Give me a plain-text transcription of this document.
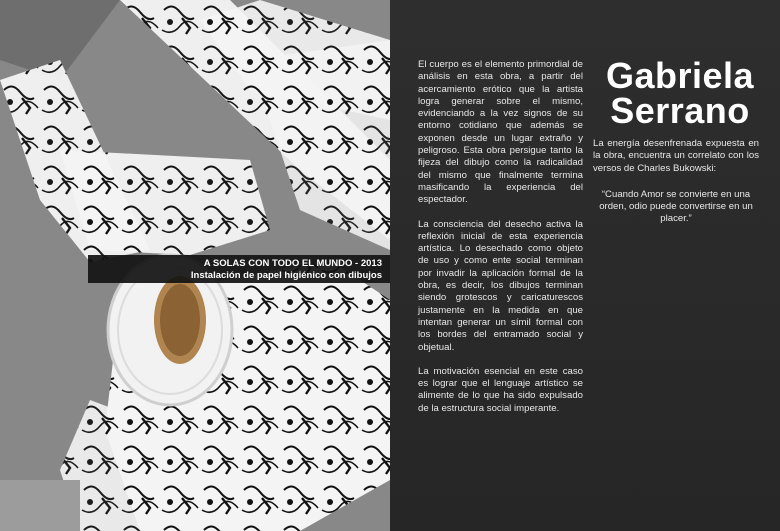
A SOLAS CON TODO EL MUNDO - 2013
Instalación de papel higiénico con dibujos

El cuerpo es el elemento primordial de análisis en esta obra, a partir del acercamiento erótico que la artista logra generar sobre el mismo, evidenciando a la vez signos de su entorno cotidiano que además se exponen desde un lugar extraño y peligroso. Esta obra persigue tanto la fijeza del dibujo como la radicalidad del mismo que finalmente termina masificando la experiencia del espectador.

La consciencia del desecho activa la reflexión inicial de esta experiencia artística. Lo desechado como objeto de uso y como ente social terminan por invadir la aplicación formal de la obra, es decir, los dibujos terminan siendo grotescos y caricaturescos justamente en la medida en que intentan generar un símil formal con los bordes del entramado social y objetual.

La motivación esencial en este caso es lograr que el lenguaje artístico se alimente de lo que ha sido expulsado de la estructura social imperante.

Gabriela
Serrano

La energía desenfrenada expuesta en la obra, encuentra un correlato con los versos de Charles Bukowski:

“Cuando Amor se convierte en una orden, odio puede convertirse en un placer.”
